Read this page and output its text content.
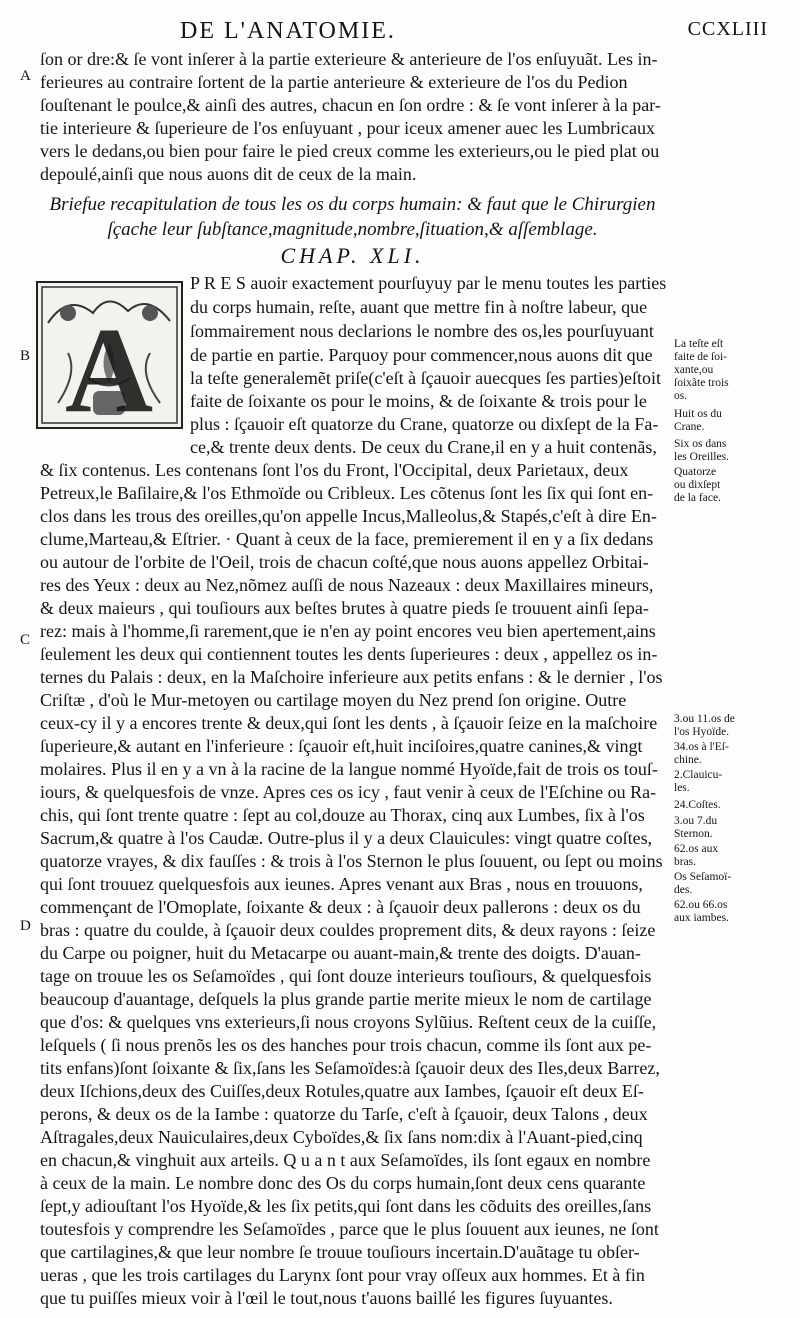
DE L'ANATOMIE.	CCXLIII
A
B
C
D
ſon or dre:& ſe vont inſerer à la partie exterieure & anterieure de l'os enſuyuãt. Les in-
ferieures au contraire ſortent de la partie anterieure & exterieure de l'os du Pedion
ſouſtenant le poulce,& ainſi des autres, chacun en ſon ordre : & ſe vont inſerer à la par-
tie interieure & ſuperieure de l'os enſuyuant , pour iceux amener auec les Lumbricaux
vers le dedans,ou bien pour faire le pied creux comme les exterieurs,ou le pied plat ou
depoulé,ainſi que nous auons dit de ceux de la main.
Briefue recapitulation de tous les os du corps humain: & faut que le Chirurgien
ſçache leur ſubſtance,magnitude,nombre,ſituation,& aſſemblage.
CHAP. XLI.
A
P R E S auoir exactement pourſuyuy par le menu toutes les parties
du corps humain, reſte, auant que mettre fin à noſtre labeur, que
ſommairement nous declarions le nombre des os,les pourſuyuant
de partie en partie. Parquoy pour commencer,nous auons dit que
la teſte generalemẽt priſe(c'eſt à ſçauoir auecques ſes parties)eſtoit
faite de ſoixante os pour le moins, & de ſoixante & trois pour le
plus : ſçauoir eſt quatorze du Crane, quatorze ou dixſept de la Fa-
ce,& trente deux dents. De ceux du Crane,il en y a huit contenãs,
& ſix contenus. Les contenans ſont l'os du Front, l'Occipital, deux Parietaux, deux
Petreux,le Baſilaire,& l'os Ethmoïde ou Cribleux. Les cõtenus ſont les ſix qui ſont en-
clos dans les trous des oreilles,qu'on appelle Incus,Malleolus,& Stapés,c'eſt à dire En-
clume,Marteau,& Eſtrier. · Quant à ceux de la face, premierement il en y a ſix dedans
ou autour de l'orbite de l'Oeil, trois de chacun coſté,que nous auons appellez Orbitai-
res des Yeux : deux au Nez,nõmez auſſi de nous Nazeaux : deux Maxillaires mineurs,
& deux maieurs , qui touſiours aux beſtes brutes à quatre pieds ſe trouuent ainſi ſepa-
rez: mais à l'homme,ſi rarement,que ie n'en ay point encores veu bien apertement,ains
ſeulement les deux qui contiennent toutes les dents ſuperieures : deux , appellez os in-
ternes du Palais : deux, en la Maſchoire inferieure aux petits enfans : & le dernier , l'os
Criſtæ , d'où le Mur-metoyen ou cartilage moyen du Nez prend ſon origine. Outre
ceux-cy il y a encores trente & deux,qui ſont les dents , à ſçauoir ſeize en la maſchoire
ſuperieure,& autant en l'inferieure : ſçauoir eſt,huit inciſoires,quatre canines,& vingt
molaires. Plus il en y a vn à la racine de la langue nommé Hyoïde,fait de trois os touſ-
iours, & quelquesfois de vnze. Apres ces os icy , faut venir à ceux de l'Eſchine ou Ra-
chis, qui ſont trente quatre : ſept au col,douze au Thorax, cinq aux Lumbes, ſix à l'os
Sacrum,& quatre à l'os Caudæ. Outre-plus il y a deux Clauicules: vingt quatre coſtes,
quatorze vrayes, & dix fauſſes : & trois à l'os Sternon le plus ſouuent, ou ſept ou moins
qui ſont trouuez quelquesfois aux ieunes. Apres venant aux Bras , nous en trouuons,
commençant de l'Omoplate, ſoixante & deux : à ſçauoir deux pallerons : deux os du
bras : quatre du coulde, à ſçauoir deux couldes proprement dits, & deux rayons : ſeize
du Carpe ou poigner, huit du Metacarpe ou auant-main,& trente des doigts. D'auan-
tage on trouue les os Seſamoïdes , qui ſont douze interieurs touſiours, & quelquesfois
beaucoup d'auantage, deſquels la plus grande partie merite mieux le nom de cartilage
que d'os: & quelques vns exterieurs,ſi nous croyons Sylũius. Reſtent ceux de la cuiſſe,
leſquels ( ſi nous prenõs les os des hanches pour trois chacun, comme ils ſont aux pe-
tits enfans)ſont ſoixante & ſix,ſans les Seſamoïdes:à ſçauoir deux des Iles,deux Barrez,
deux Iſchions,deux des Cuiſſes,deux Rotules,quatre aux Iambes, ſçauoir eſt deux Eſ-
perons, & deux os de la Iambe : quatorze du Tarſe, c'eſt à ſçauoir, deux Talons , deux
Aſtragales,deux Nauiculaires,deux Cyboïdes,& ſix ſans nom:dix à l'Auant-pied,cinq
en chacun,& vinghuit aux arteils. Q u a n t aux Seſamoïdes, ils ſont egaux en nombre
à ceux de la main. Le nombre donc des Os du corps humain,ſont deux cens quarante
ſept,y adiouſtant l'os Hyoïde,& les ſix petits,qui ſont dans les cõduits des oreilles,ſans
toutesfois y comprendre les Seſamoïdes , parce que le plus ſouuent aux ieunes, ne ſont
que cartilagines,& que leur nombre ſe trouue touſiours incertain.D'auãtage tu obſer-
ueras , que les trois cartilages du Larynx ſont pour vray oſſeux aux hommes. Et à fin
que tu puiſſes mieux voir à l'œil le tout,nous t'auons baillé les figures ſuyuantes.
La teſte eſt
faite de ſoi-
xante,ou
ſoixãte trois
os.
Huit os du
Crane.
Six os dans
les Oreilles.
Quatorze
ou dixſept
de la face.
3.ou 11.os de
l'os Hyoïde.
34.os à l'Eſ-
chine.
2.Clauicu-
les.
24.Coſtes.
3.ou 7.du
Sternon.
62.os aux
bras.
Os Seſamoï-
des.
62.ou 66.os
aux iambes.
